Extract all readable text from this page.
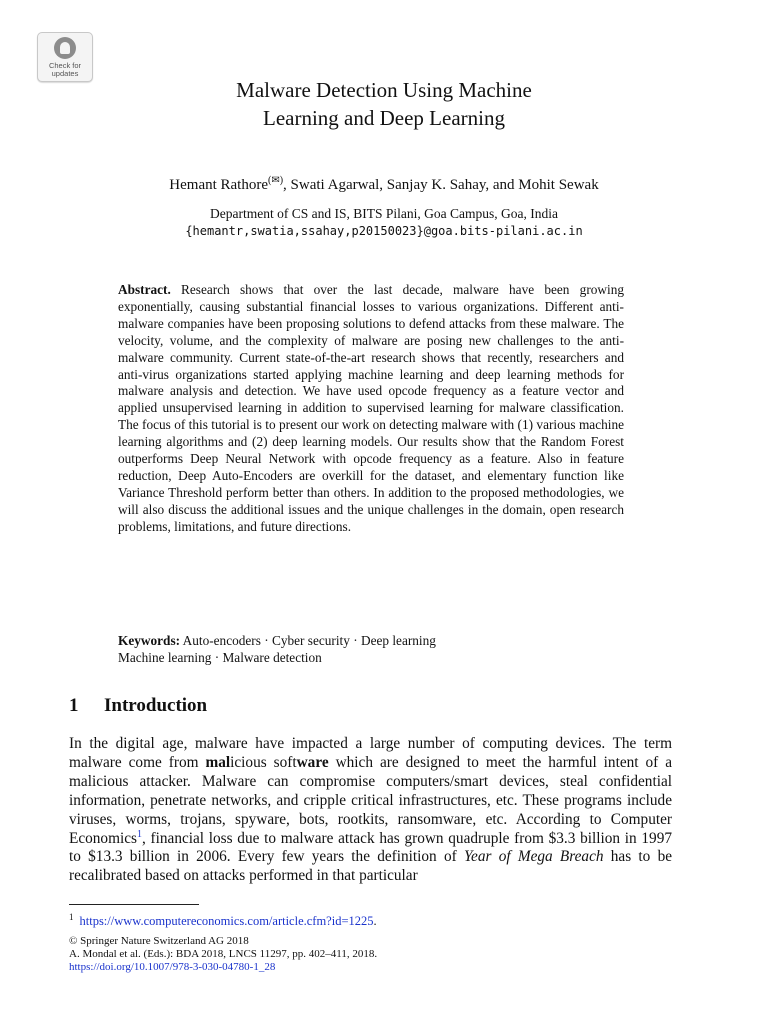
Check for
updates
Malware Detection Using Machine
Learning and Deep Learning
Hemant Rathore(✉), Swati Agarwal, Sanjay K. Sahay, and Mohit Sewak
Department of CS and IS, BITS Pilani, Goa Campus, Goa, India
{hemantr,swatia,ssahay,p20150023}@goa.bits-pilani.ac.in

Abstract. Research shows that over the last decade, malware have been growing exponentially, causing substantial financial losses to various organizations. Different anti-malware companies have been proposing solutions to defend attacks from these malware. The velocity, volume, and the complexity of malware are posing new challenges to the anti-malware community. Current state-of-the-art research shows that recently, researchers and anti-virus organizations started applying machine learning and deep learning methods for malware analysis and detection. We have used opcode frequency as a feature vector and applied unsupervised learning in addition to supervised learning for malware classification. The focus of this tutorial is to present our work on detecting malware with (1) various machine learning algorithms and (2) deep learning models. Our results show that the Random Forest outperforms Deep Neural Network with opcode frequency as a feature. Also in feature reduction, Deep Auto-Encoders are overkill for the dataset, and elementary function like Variance Threshold perform better than others. In addition to the proposed methodologies, we will also discuss the additional issues and the unique challenges in the domain, open research problems, limitations, and future directions.

Keywords: Auto-encoders · Cyber security · Deep learning
Machine learning · Malware detection
1 Introduction

In the digital age, malware have impacted a large number of computing devices. The term malware come from malicious software which are designed to meet the harmful intent of a malicious attacker. Malware can compromise computers/smart devices, steal confidential information, penetrate networks, and cripple critical infrastructures, etc. These programs include viruses, worms, trojans, spyware, bots, rootkits, ransomware, etc. According to Computer Economics$^1$, financial loss due to malware attack has grown quadruple from $3.3 billion in 1997 to $13.3 billion in 2006. Every few years the definition of Year of Mega Breach has to be recalibrated based on attacks performed in that particular

$^1$ https://www.computereconomics.com/article.cfm?id=1225.
© Springer Nature Switzerland AG 2018
A. Mondal et al. (Eds.): BDA 2018, LNCS 11297, pp. 402–411, 2018.
https://doi.org/10.1007/978-3-030-04780-1_28
